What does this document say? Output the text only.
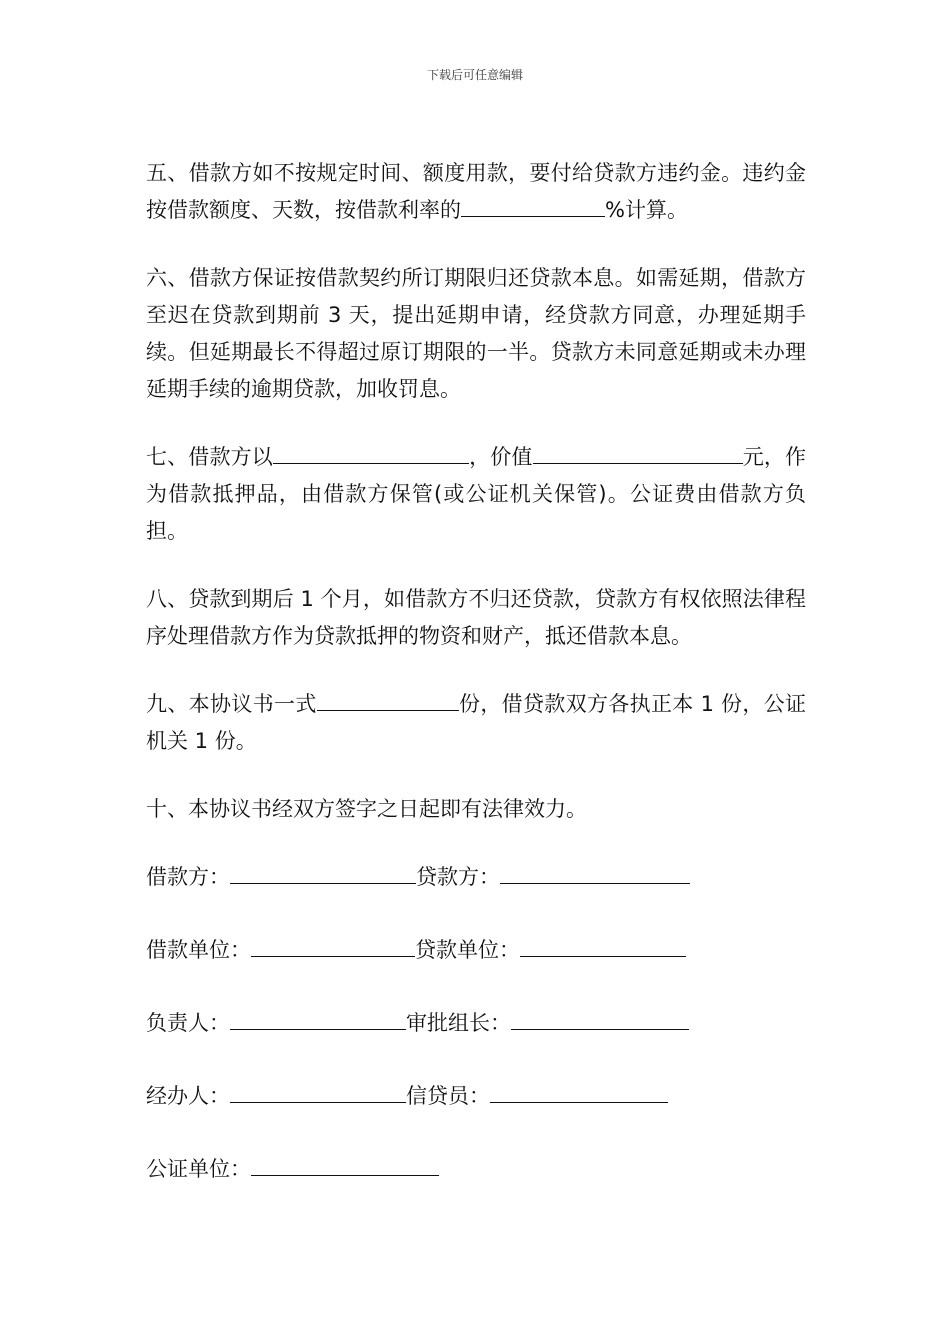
下载后可任意编辑

五、借款方如不按规定时间、额度用款，要付给贷款方违约金。违约金按借款额度、天数，按借款利率的	%计算。

六、借款方保证按借款契约所订期限归还贷款本息。如需延期，借款方至迟在贷款到期前 3 天，提出延期申请，经贷款方同意，办理延期手续。但延期最长不得超过原订期限的一半。贷款方未同意延期或未办理延期手续的逾期贷款，加收罚息。

七、借款方以	，价值	元，作为借款抵押品，由借款方保管(或公证机关保管)。公证费由借款方负担。

八、贷款到期后 1 个月，如借款方不归还贷款，贷款方有权依照法律程序处理借款方作为贷款抵押的物资和财产，抵还借款本息。

九、本协议书一式	份，借贷款双方各执正本 1 份，公证机关 1 份。

十、本协议书经双方签字之日起即有法律效力。

借款方：	贷款方：
借款单位：	贷款单位：
负责人：	审批组长：
经办人：	信贷员：
公证单位：
